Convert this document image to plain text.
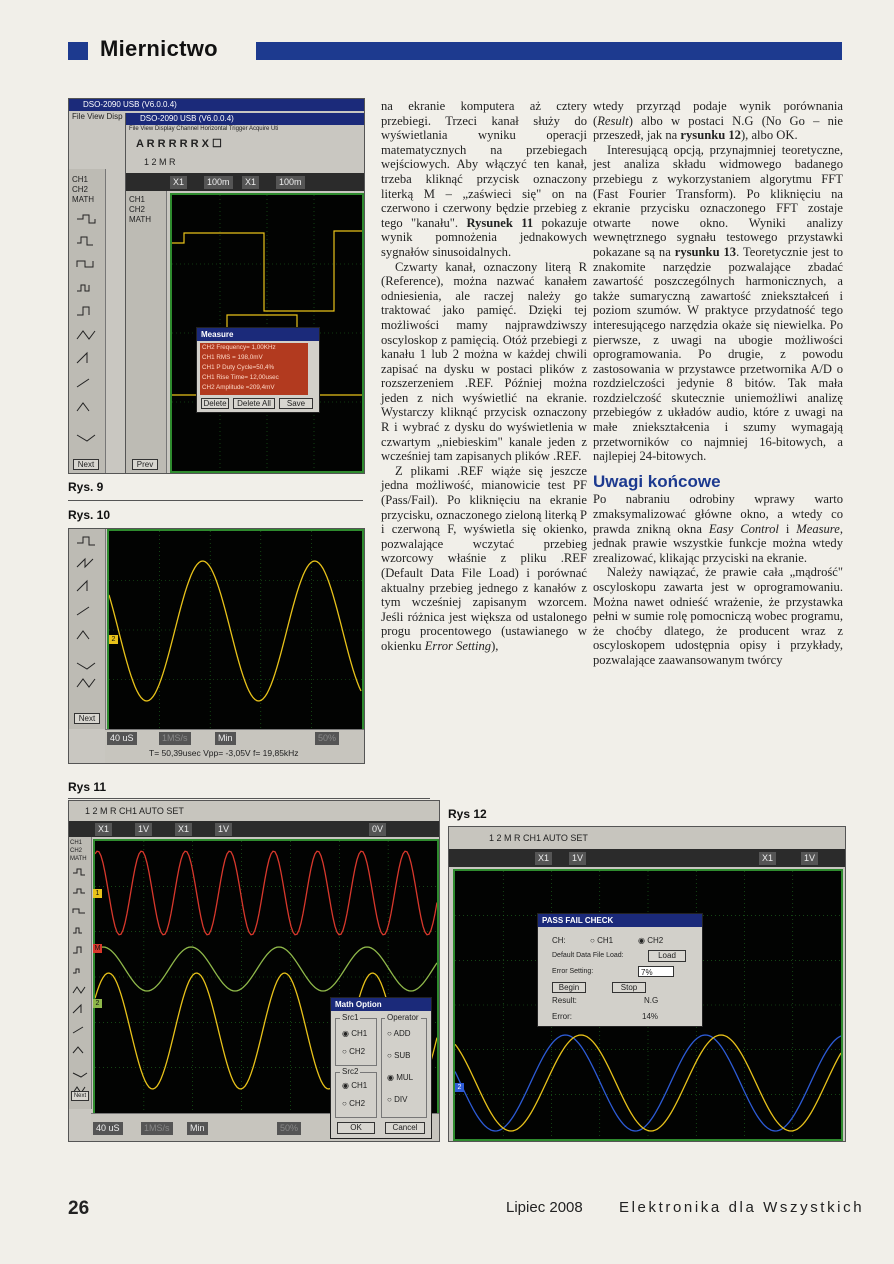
Miernictwo
DSO-2090 USB (V6.0.0.4)
File View Disp
CH1
CH2
MATH
Next
DSO-2090 USB (V6.0.0.4)
File View Display Channel Horizontal Trigger Acquire Uti
A R R R R R X ☐
1 2 M R
X1	100m	X1	100m
CH1
CH2
MATH
Prev
Measure
CH2 Frequency= 1,00KHz
CH1 RMS = 198,0mV
CH1 P Duty Cycle=50,4%
CH1 Rise Time= 12,00usec
CH2 Amplitude =209,4mV
Delete	Delete All	Save
Rys. 9
Rys. 10
Next
2
40 uS	1MS/s	Min	50%
T= 50,39usec Vpp= -3,05V f= 19,85kHz
Rys 11
1 2 M R CH1 AUTO SET
X1	1V	X1	1V	0V
CH1
CH2
MATH
Next
1
M
2
40 uS	1MS/s	Min	50%
Math Option
Src1
◉ CH1
○ CH2
Src2
◉ CH1
○ CH2
Operator
○ ADD
○ SUB
◉ MUL
○ DIV
OK	Cancel
Rys 12
1 2 M R CH1 AUTO SET
X1	1V	X1	1V
2
PASS FAIL CHECK
CH:	○ CH1	◉ CH2
Default Data File Load:	Load
Error Setting:	7%
Begin	Stop
Result:	N.G
Error:	14%

na ekranie komputera aż cztery przebiegi. Trzeci kanał służy do wyświetlania wyniku operacji matematycznych na przebiegach wejściowych. Aby włączyć ten kanał, trzeba kliknąć przycisk oznaczony literką M – „zaświeci się" on na czerwono i czerwony będzie przebieg z tego "kanału". Rysunek 11 pokazuje wynik pomnożenia jednakowych sygnałów sinusoidalnych.

Czwarty kanał, oznaczony literą R (Reference), można nazwać kanałem odniesienia, ale raczej należy go traktować jako pamięć. Dzięki tej możliwości mamy najprawdziwszy oscyloskop z pamięcią. Otóż przebiegi z kanału 1 lub 2 można w każdej chwili zapisać na dysku w postaci plików z rozszerzeniem .REF. Później można jeden z nich wyświetlić na ekranie. Wystarczy kliknąć przycisk oznaczony R i wybrać z dysku do wyświetlenia w czwartym „niebieskim" kanale jeden z wcześniej tam zapisanych plików .REF.

Z plikami .REF wiąże się jeszcze jedna możliwość, mianowicie test PF (Pass/Fail). Po kliknięciu na ekranie przycisku, oznaczonego zieloną literką P i czerwoną F, wyświetla się okienko, pozwalające wczytać przebieg wzorcowy właśnie z pliku .REF (Default Data File Load) i porównać aktualny przebieg jednego z kanałów z tym wcześniej zapisanym wzorcem. Jeśli różnica jest większa od ustalonego progu procentowego (ustawianego w okienku Error Setting),

wtedy przyrząd podaje wynik porównania (Result) albo w postaci N.G (No Go – nie przeszedł, jak na rysunku 12), albo OK.

Interesującą opcją, przynajmniej teoretyczne, jest analiza składu widmowego badanego przebiegu z wykorzystaniem algorytmu FFT (Fast Fourier Transform). Po kliknięciu na ekranie przycisku oznaczonego FFT zostaje otwarte nowe okno. Wyniki analizy wewnętrznego sygnału testowego przystawki pokazane są na rysunku 13. Teoretycznie jest to znakomite narzędzie pozwalające zbadać zawartość poszczególnych harmonicznych, a także sumaryczną zawartość zniekształceń i poziom szumów. W praktyce przydatność tego interesującego narzędzia okaże się niewielka. Po pierwsze, z uwagi na ubogie możliwości oprogramowania. Po drugie, z powodu zastosowania w przystawce przetwornika A/D o rozdzielczości jedynie 8 bitów. Tak mała rozdzielczość skutecznie uniemożliwi analizę przebiegów z układów audio, które z uwagi na małe zniekształcenia i szumy wymagają przetworników co najmniej 16-bitowych, a najlepiej 24-bitowych.

Uwagi końcowe

Po nabraniu odrobiny wprawy warto zmaksymalizować główne okno, a wtedy co prawda znikną okna Easy Control i Measure, jednak prawie wszystkie funkcje można wtedy zrealizować, klikając przyciski na ekranie.

Należy nawiązać, że prawie cała „mądrość" oscyloskopu zawarta jest w oprogramowaniu. Można nawet odnieść wrażenie, że przystawka pełni w sumie rolę pomocniczą wobec programu, że choćby dlatego, że producent wraz z oscyloskopem udostępnia opisy i przykłady, pozwalające zaawansowanym twórcy

26	Lipiec 2008 Elektronika dla Wszystkich
